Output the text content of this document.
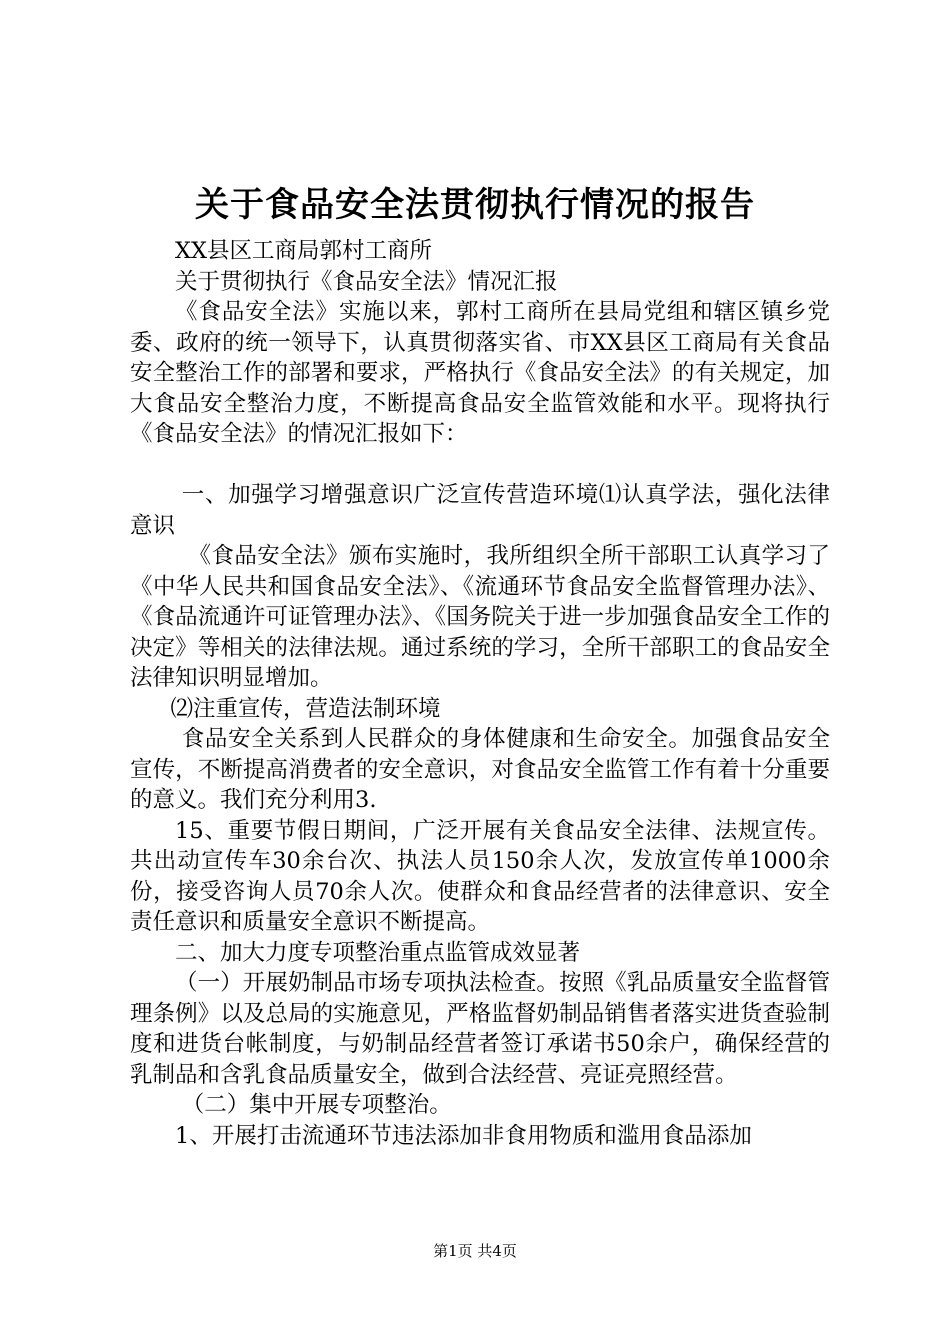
关于食品安全法贯彻执行情况的报告

XX县区工商局郭村工商所

关于贯彻执行《食品安全法》情况汇报

《食品安全法》实施以来，郭村工商所在县局党组和辖区镇乡党委、政府的统一领导下，认真贯彻落实省、市XX县区工商局有关食品安全整治工作的部署和要求，严格执行《食品安全法》的有关规定，加大食品安全整治力度，不断提高食品安全监管效能和水平。现将执行《食品安全法》的情况汇报如下：

一、加强学习增强意识广泛宣传营造环境⑴认真学法，强化法律意识

《食品安全法》颁布实施时，我所组织全所干部职工认真学习了《中华人民共和国食品安全法》、《流通环节食品安全监督管理办法》、《食品流通许可证管理办法》、《国务院关于进一步加强食品安全工作的决定》等相关的法律法规。通过系统的学习，全所干部职工的食品安全法律知识明显增加。

⑵注重宣传，营造法制环境

食品安全关系到人民群众的身体健康和生命安全。加强食品安全宣传，不断提高消费者的安全意识，对食品安全监管工作有着十分重要的意义。我们充分利用3.

15、重要节假日期间，广泛开展有关食品安全法律、法规宣传。共出动宣传车30余台次、执法人员150余人次，发放宣传单1000余份，接受咨询人员70余人次。使群众和食品经营者的法律意识、安全责任意识和质量安全意识不断提高。

二、加大力度专项整治重点监管成效显著

（一）开展奶制品市场专项执法检查。按照《乳品质量安全监督管理条例》以及总局的实施意见，严格监督奶制品销售者落实进货查验制度和进货台帐制度，与奶制品经营者签订承诺书50余户，确保经营的乳制品和含乳食品质量安全，做到合法经营、亮证亮照经营。

（二）集中开展专项整治。

1、开展打击流通环节违法添加非食用物质和滥用食品添加

第1页 共4页
